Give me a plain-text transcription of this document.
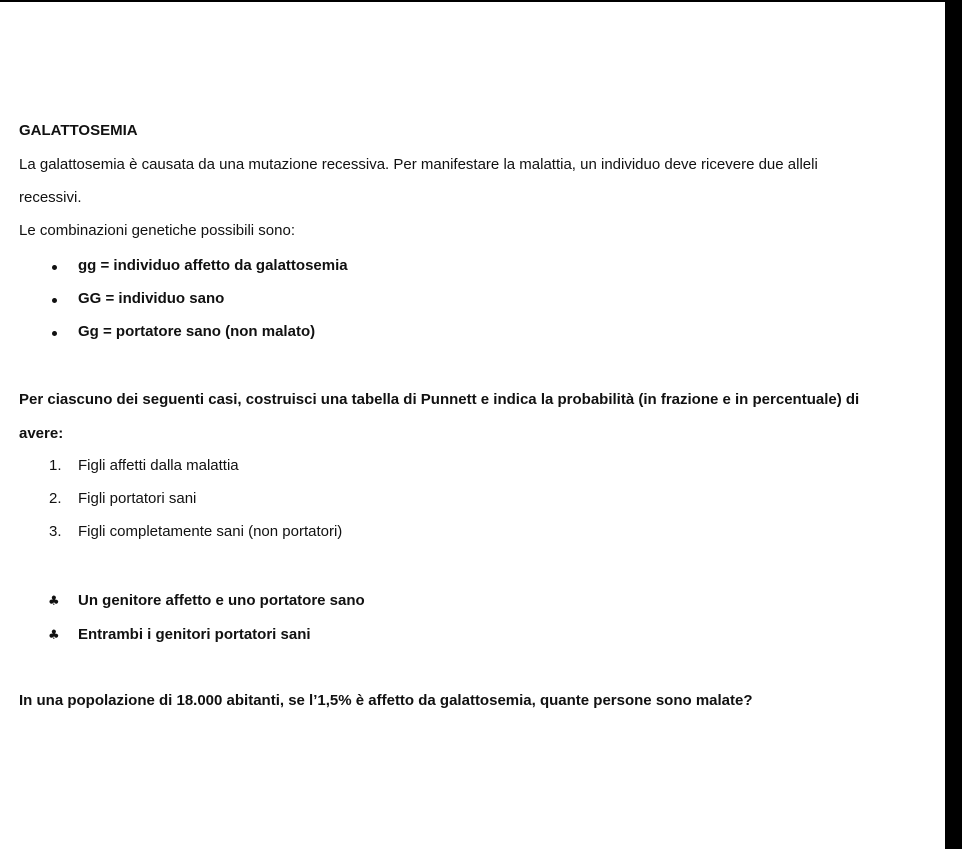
GALATTOSEMIA
La galattosemia è causata da una mutazione recessiva. Per manifestare la malattia, un individuo deve ricevere due alleli
recessivi.
Le combinazioni genetiche possibili sono:
gg = individuo affetto da galattosemia
GG = individuo sano
Gg = portatore sano (non malato)
Per ciascuno dei seguenti casi, costruisci una tabella di Punnett e indica la probabilità (in frazione e in percentuale) di
avere:
1. Figli affetti dalla malattia
2. Figli portatori sani
3. Figli completamente sani (non portatori)
♣ Un genitore affetto e uno portatore sano
♣ Entrambi i genitori portatori sani
In una popolazione di 18.000 abitanti, se l’1,5% è affetto da galattosemia, quante persone sono malate?
